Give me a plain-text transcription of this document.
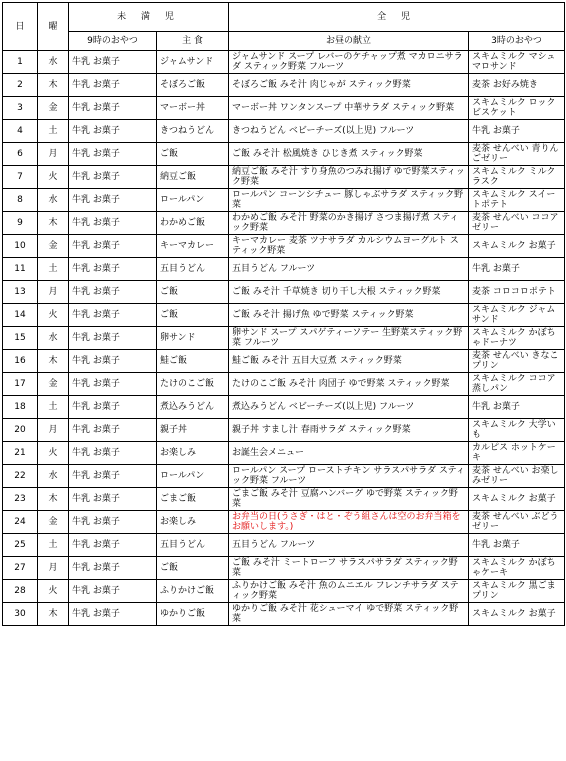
日	曜	未 満 児		全 児	
		9時のおやつ	主 食	お昼の献立	3時のおやつ
1	水	牛乳 お菓子	ジャムサンド	ジャムサンド スープ レバーのケチャップ煮 マカロニサラダ スティック野菜 フルーツ	スキムミルク マシュマロサンド
2	木	牛乳 お菓子	そぼろご飯	そぼろご飯 みそ汁 肉じゃが スティック野菜	麦茶 お好み焼き
3	金	牛乳 お菓子	マーボー丼	マーボー丼 ワンタンスープ 中華サラダ スティック野菜	スキムミルク ロックビスケット
4	土	牛乳 お菓子	きつねうどん	きつねうどん ベビーチーズ(以上児) フルーツ	牛乳 お菓子
6	月	牛乳 お菓子	ご飯	ご飯 みそ汁 松風焼き ひじき煮 スティック野菜	麦茶 せんべい 青りんごゼリー
7	火	牛乳 お菓子	納豆ご飯	納豆ご飯 みそ汁 すり身魚のつみれ揚げ ゆで野菜スティック野菜	スキムミルク ミルクラスク
8	水	牛乳 お菓子	ロールパン	ロールパン コーンシチュー 豚しゃぶサラダ スティック野菜	スキムミルク スイートポテト
9	木	牛乳 お菓子	わかめご飯	わかめご飯 みそ汁 野菜のかき揚げ さつま揚げ煮 スティック野菜	麦茶 せんべい ココアゼリー
10	金	牛乳 お菓子	キーマカレー	キーマカレー 麦茶 ツナサラダ カルシウムヨーグルト スティック野菜	スキムミルク お菓子
11	土	牛乳 お菓子	五目うどん	五目うどん フルーツ	牛乳 お菓子
13	月	牛乳 お菓子	ご飯	ご飯 みそ汁 千草焼き 切り干し大根 スティック野菜	麦茶 コロコロポテト
14	火	牛乳 お菓子	ご飯	ご飯 みそ汁 揚げ魚 ゆで野菜 スティック野菜	スキムミルク ジャムサンド
15	水	牛乳 お菓子	卵サンド	卵サンド スープ スパゲティーソテー 生野菜スティック野菜 フルーツ	スキムミルク かぼちゃドーナツ
16	木	牛乳 お菓子	鮭ご飯	鮭ご飯 みそ汁 五目大豆煮 スティック野菜	麦茶 せんべい きなこプリン
17	金	牛乳 お菓子	たけのこご飯	たけのこご飯 みそ汁 肉団子 ゆで野菜 スティック野菜	スキムミルク ココア蒸しパン
18	土	牛乳 お菓子	煮込みうどん	煮込みうどん ベビーチーズ(以上児) フルーツ	牛乳 お菓子
20	月	牛乳 お菓子	親子丼	親子丼 すまし汁 春雨サラダ スティック野菜	スキムミルク 大学いも
21	火	牛乳 お菓子	お楽しみ	お誕生会メニュー	カルピス ホットケーキ
22	水	牛乳 お菓子	ロールパン	ロールパン スープ ローストチキン サラスパサラダ スティック野菜 フルーツ	麦茶 せんべい お楽しみゼリー
23	木	牛乳 お菓子	ごまご飯	ごまご飯 みそ汁 豆腐ハンバーグ ゆで野菜 スティック野菜	スキムミルク お菓子
24	金	牛乳 お菓子	お楽しみ	お弁当の日(うさぎ・はと・ぞう組さんは空のお弁当箱をお願いします。)	麦茶 せんべい ぶどうゼリー
25	土	牛乳 お菓子	五目うどん	五目うどん フルーツ	牛乳 お菓子
27	月	牛乳 お菓子	ご飯	ご飯 みそ汁 ミートローフ サラスパサラダ スティック野菜	スキムミルク かぼちゃケーキ
28	火	牛乳 お菓子	ふりかけご飯	ふりかけご飯 みそ汁 魚のムニエル フレンチサラダ スティック野菜	スキムミルク 黒ごまプリン
30	木	牛乳 お菓子	ゆかりご飯	ゆかりご飯 みそ汁 花シューマイ ゆで野菜 スティック野菜	スキムミルク お菓子
